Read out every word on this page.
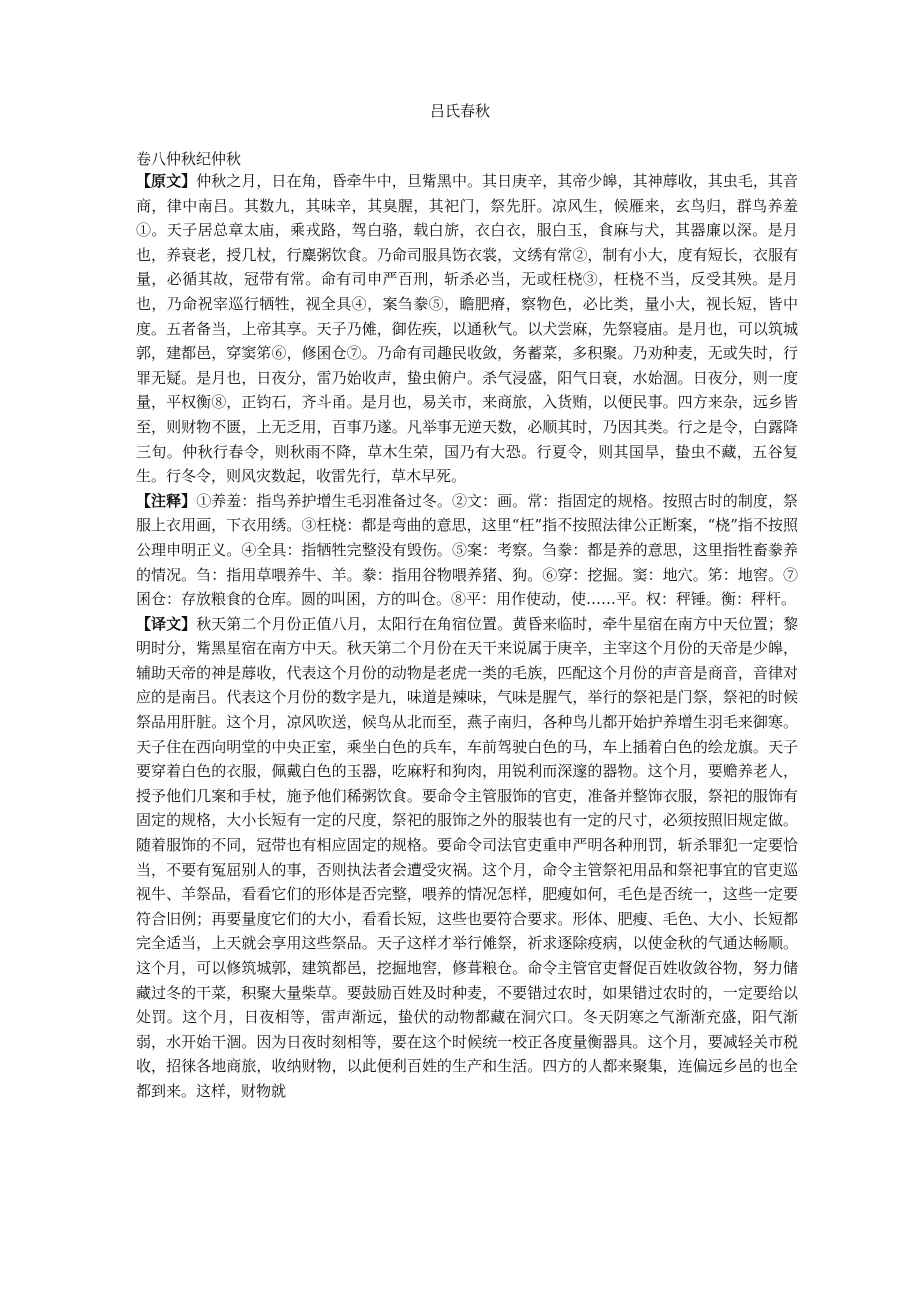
吕氏春秋
卷八仲秋纪仲秋

【原文】仲秋之月，日在角，昏牵牛中，旦觜黑中。其日庚辛，其帝少皞，其神蓐收，其虫毛，其音商，律中南吕。其数九，其味辛，其臭腥，其祀门，祭先肝。凉风生，候雁来，玄鸟归，群鸟养羞①。天子居总章太庙，乘戎路，驾白骆，载白旂，衣白衣，服白玉，食麻与犬，其器廉以深。是月也，养衰老，授几杖，行麋粥饮食。乃命司服具饬衣裳，文绣有常②，制有小大，度有短长，衣服有量，必循其故，冠带有常。命有司申严百刑，斩杀必当，无或枉桡③，枉桡不当，反受其殃。是月也，乃命祝宰巡行牺牲，视全具④，案刍豢⑤，瞻肥瘠，察物色，必比类，量小大，视长短，皆中度。五者备当，上帝其享。天子乃傩，御佐疾，以通秋气。以犬尝麻，先祭寝庙。是月也，可以筑城郭，建都邑，穿窦笫⑥，修囷仓⑦。乃命有司趣民收敛，务蓄菜，多积聚。乃劝种麦，无或失时，行罪无疑。是月也，日夜分，雷乃始收声，蛰虫俯户。杀气浸盛，阳气日衰，水始涸。日夜分，则一度量，平权衡⑧，正钧石，齐斗甬。是月也，易关市，来商旅，入货贿，以便民事。四方来杂，远乡皆至，则财物不匮，上无乏用，百事乃遂。凡举事无逆天数，必顺其时，乃因其类。行之是令，白露降三旬。仲秋行春令，则秋雨不降，草木生荣，国乃有大恐。行夏令，则其国旱，蛰虫不藏，五谷复生。行冬令，则风灾数起，收雷先行，草木早死。

【注释】①养羞：指鸟养护增生毛羽准备过冬。②文：画。常：指固定的规格。按照古时的制度，祭服上衣用画，下衣用绣。③枉桡：都是弯曲的意思，这里“枉”指不按照法律公正断案，“桡”指不按照公理申明正义。④全具：指牺牲完整没有毁伤。⑤案：考察。刍豢：都是养的意思，这里指牲畜豢养的情况。刍：指用草喂养牛、羊。豢：指用谷物喂养猪、狗。⑥穿：挖掘。窦：地穴。笫：地窖。⑦囷仓：存放粮食的仓库。圆的叫囷，方的叫仓。⑧平：用作使动，使……平。权：秤锤。衡：秤杆。

【译文】秋天第二个月份正值八月，太阳行在角宿位置。黄昏来临时，牵牛星宿在南方中天位置；黎明时分，觜黑星宿在南方中天。秋天第二个月份在天干来说属于庚辛，主宰这个月份的天帝是少皞，辅助天帝的神是蓐收，代表这个月份的动物是老虎一类的毛族，匹配这个月份的声音是商音，音律对应的是南吕。代表这个月份的数字是九，味道是辣味，气味是腥气，举行的祭祀是门祭，祭祀的时候祭品用肝脏。这个月，凉风吹送，候鸟从北而至，燕子南归，各种鸟儿都开始护养增生羽毛来御寒。天子住在西向明堂的中央正室，乘坐白色的兵车，车前驾驶白色的马，车上插着白色的绘龙旗。天子要穿着白色的衣服，佩戴白色的玉器，吃麻籽和狗肉，用锐利而深邃的器物。这个月，要赡养老人，授予他们几案和手杖，施予他们稀粥饮食。要命令主管服饰的官吏，准备并整饰衣服，祭祀的服饰有固定的规格，大小长短有一定的尺度，祭祀的服饰之外的服装也有一定的尺寸，必须按照旧规定做。随着服饰的不同，冠带也有相应固定的规格。要命令司法官吏重申严明各种刑罚，斩杀罪犯一定要恰当，不要有冤屈别人的事，否则执法者会遭受灾祸。这个月，命令主管祭祀用品和祭祀事宜的官吏巡视牛、羊祭品，看看它们的形体是否完整，喂养的情况怎样，肥瘦如何，毛色是否统一，这些一定要符合旧例；再要量度它们的大小，看看长短，这些也要符合要求。形体、肥瘦、毛色、大小、长短都完全适当，上天就会享用这些祭品。天子这样才举行傩祭，祈求逐除疫病，以使金秋的气通达畅顺。这个月，可以修筑城郭，建筑都邑，挖掘地窖，修葺粮仓。命令主管官吏督促百姓收敛谷物，努力储藏过冬的干菜，积聚大量柴草。要鼓励百姓及时种麦，不要错过农时，如果错过农时的，一定要给以处罚。这个月，日夜相等，雷声渐远，蛰伏的动物都藏在洞穴口。冬天阴寒之气渐渐充盛，阳气渐弱，水开始干涸。因为日夜时刻相等，要在这个时候统一校正各度量衡器具。这个月，要减轻关市税收，招徕各地商旅，收纳财物，以此便利百姓的生产和生活。四方的人都来聚集，连偏远乡邑的也全都到来。这样，财物就
